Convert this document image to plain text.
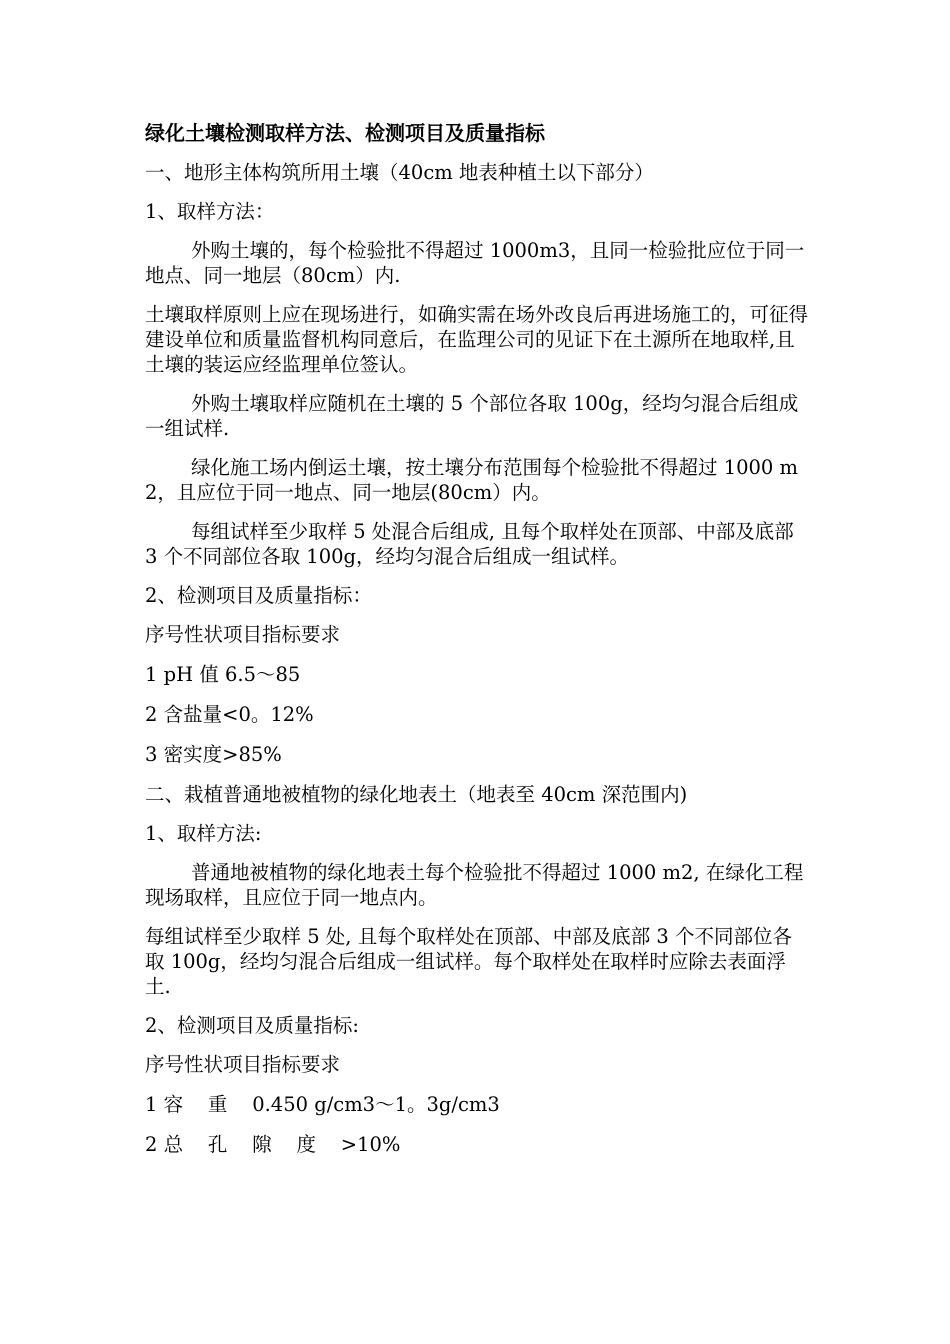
绿化土壤检测取样方法、检测项目及质量指标
一、地形主体构筑所用土壤（40cm 地表种植土以下部分）
1、取样方法：
外购土壤的，每个检验批不得超过 1000m3，且同一检验批应位于同一地点、同一地层（80cm）内.
土壤取样原则上应在现场进行，如确实需在场外改良后再进场施工的，可征得建设单位和质量监督机构同意后，在监理公司的见证下在土源所在地取样,且土壤的装运应经监理单位签认。
外购土壤取样应随机在土壤的 5 个部位各取 100g，经均匀混合后组成一组试样.
绿化施工场内倒运土壤，按土壤分布范围每个检验批不得超过 1000 m2，且应位于同一地点、同一地层(80cm）内。
每组试样至少取样 5 处混合后组成, 且每个取样处在顶部、中部及底部 3 个不同部位各取 100g，经均匀混合后组成一组试样。
2、检测项目及质量指标：
序号性状项目指标要求
1 pH 值 6.5～85
2 含盐量<0。12%
3 密实度>85%
二、栽植普通地被植物的绿化地表土（地表至 40cm 深范围内)
1、取样方法:
普通地被植物的绿化地表土每个检验批不得超过 1000 m2, 在绿化工程现场取样，且应位于同一地点内。
每组试样至少取样 5 处, 且每个取样处在顶部、中部及底部 3 个不同部位各取 100g，经均匀混合后组成一组试样。每个取样处在取样时应除去表面浮土.
2、检测项目及质量指标:
序号性状项目指标要求
1 容    重    0.450 g/cm3～1。3g/cm3
2 总    孔    隙    度    >10%
